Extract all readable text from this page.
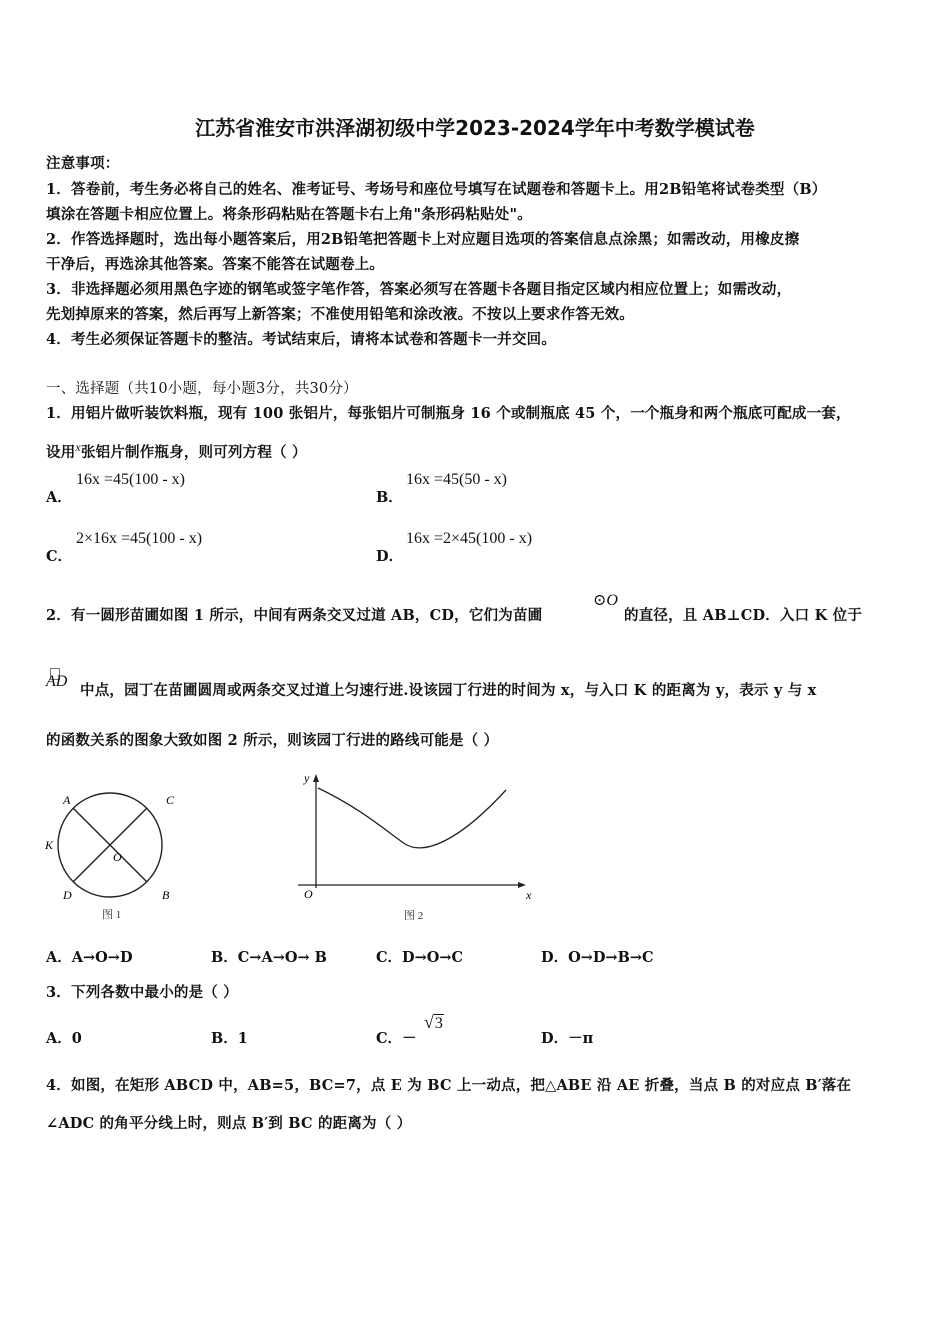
江苏省淮安市洪泽湖初级中学2023-2024学年中考数学模试卷
注意事项：
1．答卷前，考生务必将自己的姓名、准考证号、考场号和座位号填写在试题卷和答题卡上。用2B铅笔将试卷类型（B）
填涂在答题卡相应位置上。将条形码粘贴在答题卡右上角"条形码粘贴处"。
2．作答选择题时，选出每小题答案后，用2B铅笔把答题卡上对应题目选项的答案信息点涂黑；如需改动，用橡皮擦
干净后，再选涂其他答案。答案不能答在试题卷上。
3．非选择题必须用黑色字迹的钢笔或签字笔作答，答案必须写在答题卡各题目指定区域内相应位置上；如需改动，
先划掉原来的答案，然后再写上新答案；不准使用铅笔和涂改液。不按以上要求作答无效。
4．考生必须保证答题卡的整洁。考试结束后，请将本试卷和答题卡一并交回。
一、选择题（共10小题，每小题3分，共30分）
1．用铝片做听装饮料瓶，现有 100 张铝片，每张铝片可制瓶身 16 个或制瓶底 45 个，一个瓶身和两个瓶底可配成一套，
设用$^x$张铝片制作瓶身，则可列方程（ ）
A．
16x =45(100 - x)
B．
16x =45(50 - x)
C．
2×16x =45(100 - x)
D．
16x =2×45(100 - x)
2．有一圆形苗圃如图 1 所示，中间有两条交叉过道 AB，CD，它们为苗圃
⊙O
的直径，且 AB⊥CD．入口 K 位于
AD
中点，园丁在苗圃圆周或两条交叉过道上匀速行进.设该园丁行进的时间为 x，与入口 K 的距离为 y，表示 y 与 x
的函数关系的图象大致如图 2 所示，则该园丁行进的路线可能是（ ）
A	C
K
O
D	B
图 1
y
x
O
图 2
A．A→O→D	B．C→A→O→ B	C．D→O→C	D．O→D→B→C
3．下列各数中最小的是（ ）
A．0	B．1	C．－
√3
D．－π
4．如图，在矩形 ABCD 中，AB=5，BC=7，点 E 为 BC 上一动点，把△ABE 沿 AE 折叠，当点 B 的对应点 B′落在
∠ADC 的角平分线上时，则点 B′到 BC 的距离为（ ）
